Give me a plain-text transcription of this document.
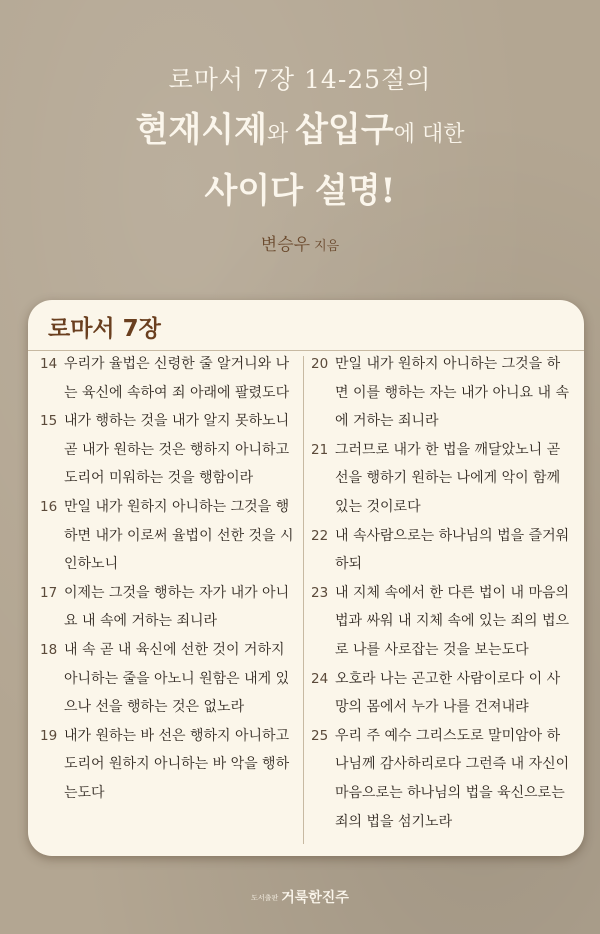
로마서 7장 14-25절의
현재시제와 삽입구에 대한
사이다 설명!
변승우 지음
로마서 7장
14 우리가 율법은 신령한 줄 알거니와 나는 육신에 속하여 죄 아래에 팔렸도다
15 내가 행하는 것을 내가 알지 못하노니 곧 내가 원하는 것은 행하지 아니하고 도리어 미워하는 것을 행함이라
16 만일 내가 원하지 아니하는 그것을 행하면 내가 이로써 율법이 선한 것을 시인하노니
17 이제는 그것을 행하는 자가 내가 아니요 내 속에 거하는 죄니라
18 내 속 곧 내 육신에 선한 것이 거하지 아니하는 줄을 아노니 원함은 내게 있으나 선을 행하는 것은 없노라
19 내가 원하는 바 선은 행하지 아니하고 도리어 원하지 아니하는 바 악을 행하는도다
20 만일 내가 원하지 아니하는 그것을 하면 이를 행하는 자는 내가 아니요 내 속에 거하는 죄니라
21 그러므로 내가 한 법을 깨달았노니 곧 선을 행하기 원하는 나에게 악이 함께 있는 것이로다
22 내 속사람으로는 하나님의 법을 즐거워하되
23 내 지체 속에서 한 다른 법이 내 마음의 법과 싸워 내 지체 속에 있는 죄의 법으로 나를 사로잡는 것을 보는도다
24 오호라 나는 곤고한 사람이로다 이 사망의 몸에서 누가 나를 건져내랴
25 우리 주 예수 그리스도로 말미암아 하나님께 감사하리로다 그런즉 내 자신이 마음으로는 하나님의 법을 육신으로는 죄의 법을 섬기노라
도서출판 거룩한진주
